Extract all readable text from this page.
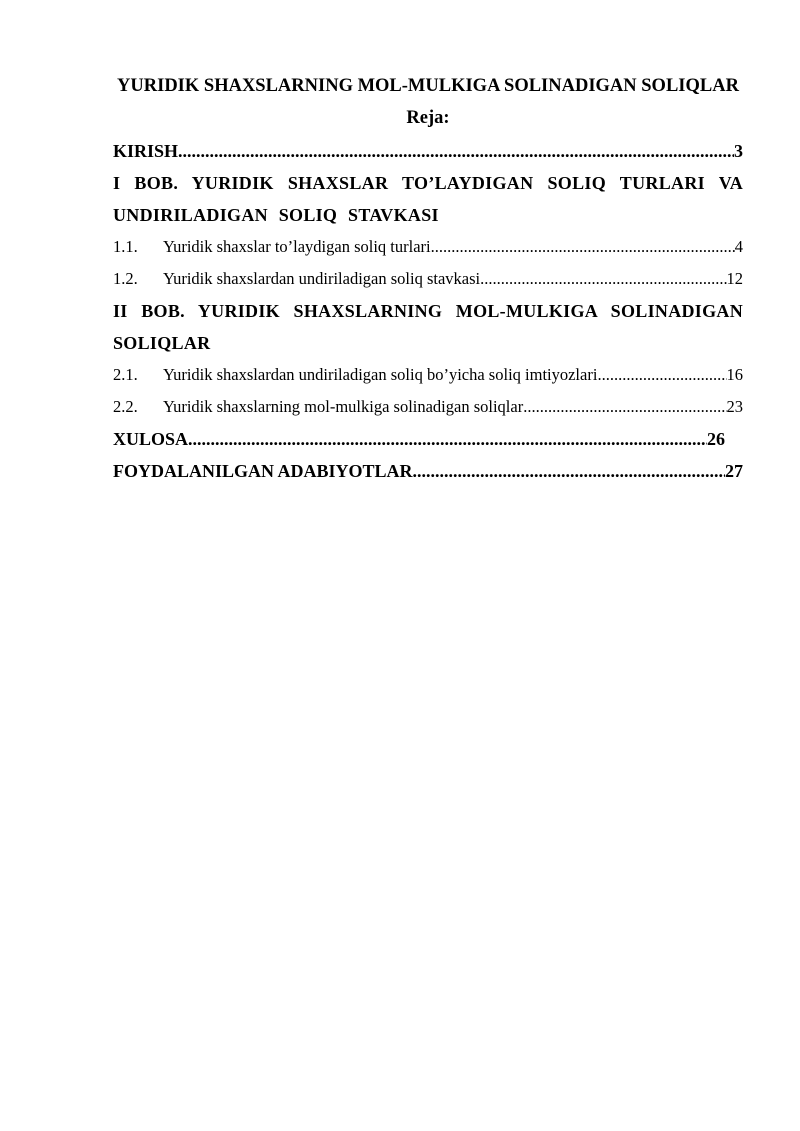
YURIDIK SHAXSLARNING MOL-MULKIGA SOLINADIGAN SOLIQLAR
Reja:
KIRISH .....	3
I BOB. YURIDIK SHAXSLAR TO’LAYDIGAN SOLIQ TURLARI VA UNDIRILADIGAN SOLIQ STAVKASI
1.1.	Yuridik shaxslar to’laydigan soliq turlari .....	4
1.2.	Yuridik shaxslardan undiriladigan soliq stavkasi .....	12
II BOB. YURIDIK SHAXSLARNING MOL-MULKIGA SOLINADIGAN SOLIQLAR
2.1.	Yuridik shaxslardan undiriladigan soliq bo’yicha soliq imtiyozlari .....	16
2.2.	Yuridik shaxslarning mol-mulkiga solinadigan soliqlar .....	23
XULOSA .....	26
FOYDALANILGAN ADABIYOTLAR .....	27
